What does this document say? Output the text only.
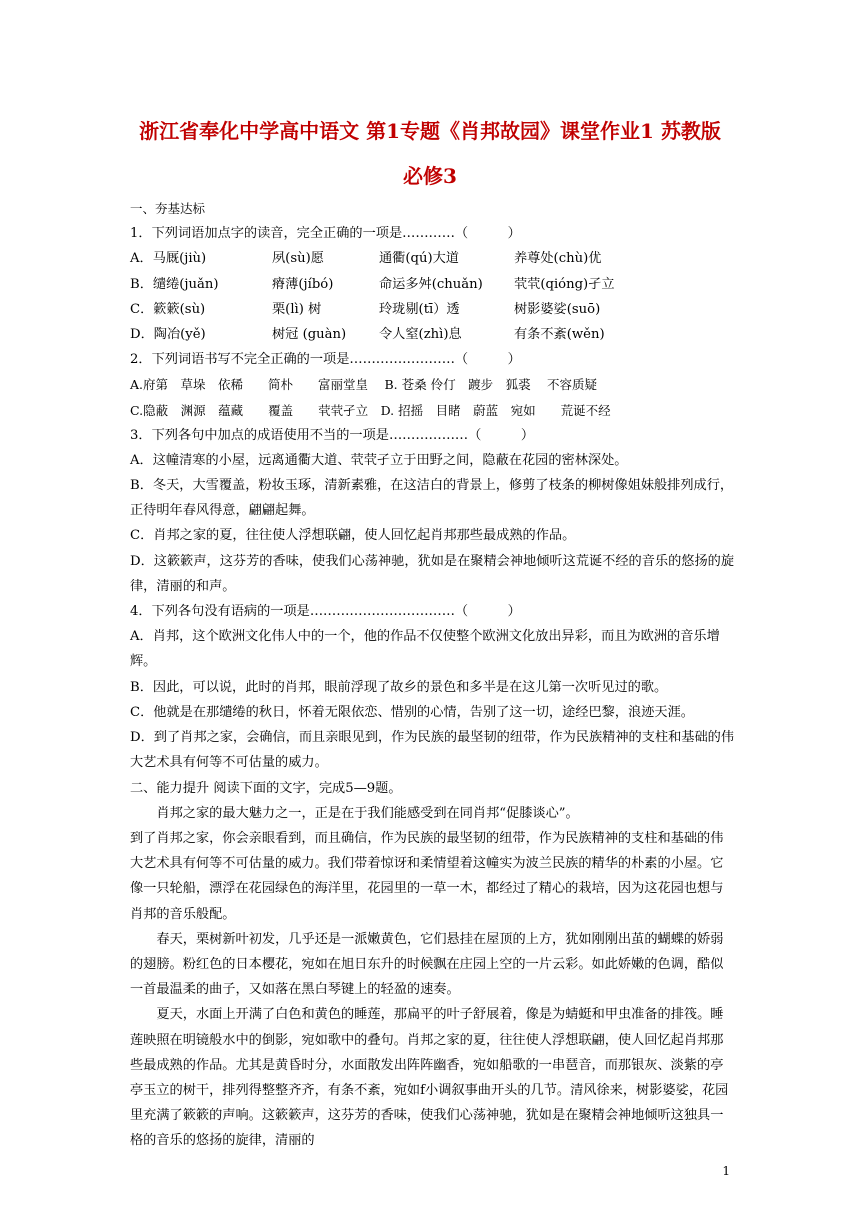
浙江省奉化中学高中语文 第1专题《肖邦故园》课堂作业1 苏教版
必修3
一、夯基达标
1．下列词语加点字的读音，完全正确的一项是…………（　　　）
A．马厩(jiù)	夙(sù)愿	通衢(qú)大道	养尊处(chù)优
B．缱绻(juǎn)	瘠薄(jíbó)	命运多舛(chuǎn)	茕茕(qióng)孑立
C．簌簌(sù)	栗(lì) 树	玲珑剔(tī）透	树影婆娑(suō)
D．陶冶(yě)	树冠 (guàn)	令人窒(zhì)息	有条不紊(wěn)
2．下列词语书写不完全正确的一项是……………………（　　　）
A.府第　草垛　依稀　　简朴　　富丽堂皇　 B. 苍桑 伶仃　踱步　狐裘　 不容质疑
C.隐蔽　渊源　蕴藏　　覆盖　　茕茕孑立　D. 招摇　目睹　蔚蓝　宛如　　荒诞不经
3．下列各句中加点的成语使用不当的一项是………………（　　　）
A．这幢清寒的小屋，远离通衢大道、茕茕孑立于田野之间，隐蔽在花园的密林深处。
B．冬天，大雪覆盖，粉妆玉琢，清新素雅，在这洁白的背景上，修剪了枝条的柳树像姐妹般排列成行，正待明年春风得意，翩翩起舞。
C．肖邦之家的夏，往往使人浮想联翩，使人回忆起肖邦那些最成熟的作品。
D．这簌簌声，这芬芳的香味，使我们心荡神驰，犹如是在聚精会神地倾听这荒诞不经的音乐的悠扬的旋律，清丽的和声。
4．下列各句没有语病的一项是……………………………（　　　）
A．肖邦，这个欧洲文化伟人中的一个，他的作品不仅使整个欧洲文化放出异彩，而且为欧洲的音乐增辉。
B．因此，可以说，此时的肖邦，眼前浮现了故乡的景色和多半是在这儿第一次听见过的歌。
C．他就是在那缱绻的秋日，怀着无限依恋、惜别的心情，告别了这一切，途经巴黎，浪迹天涯。
D．到了肖邦之家，会确信，而且亲眼见到，作为民族的最坚韧的纽带，作为民族精神的支柱和基础的伟大艺术具有何等不可估量的威力。
二、能力提升 阅读下面的文字，完成5—9题。
肖邦之家的最大魅力之一，正是在于我们能感受到在同肖邦“促膝谈心”。
到了肖邦之家，你会亲眼看到，而且确信，作为民族的最坚韧的纽带，作为民族精神的支柱和基础的伟大艺术具有何等不可估量的威力。我们带着惊讶和柔情望着这幢实为波兰民族的精华的朴素的小屋。它像一只轮船，漂浮在花园绿色的海洋里，花园里的一草一木，都经过了精心的栽培，因为这花园也想与肖邦的音乐般配。
春天，栗树新叶初发，几乎还是一派嫩黄色，它们悬挂在屋顶的上方，犹如刚刚出茧的蝴蝶的娇弱的翅膀。粉红色的日本樱花，宛如在旭日东升的时候飘在庄园上空的一片云彩。如此娇嫩的色调，酷似一首最温柔的曲子，又如落在黑白琴键上的轻盈的速奏。
夏天，水面上开满了白色和黄色的睡莲，那扁平的叶子舒展着，像是为蜻蜓和甲虫准备的排筏。睡莲映照在明镜般水中的倒影，宛如歌中的叠句。肖邦之家的夏，往往使人浮想联翩，使人回忆起肖邦那些最成熟的作品。尤其是黄昏时分，水面散发出阵阵幽香，宛如船歌的一串琶音，而那银灰、淡紫的亭亭玉立的树干，排列得整整齐齐，有条不紊，宛如f小调叙事曲开头的几节。清风徐来，树影婆娑，花园里充满了簌簌的声响。这簌簌声，这芬芳的香味，使我们心荡神驰，犹如是在聚精会神地倾听这独具一格的音乐的悠扬的旋律，清丽的
1
